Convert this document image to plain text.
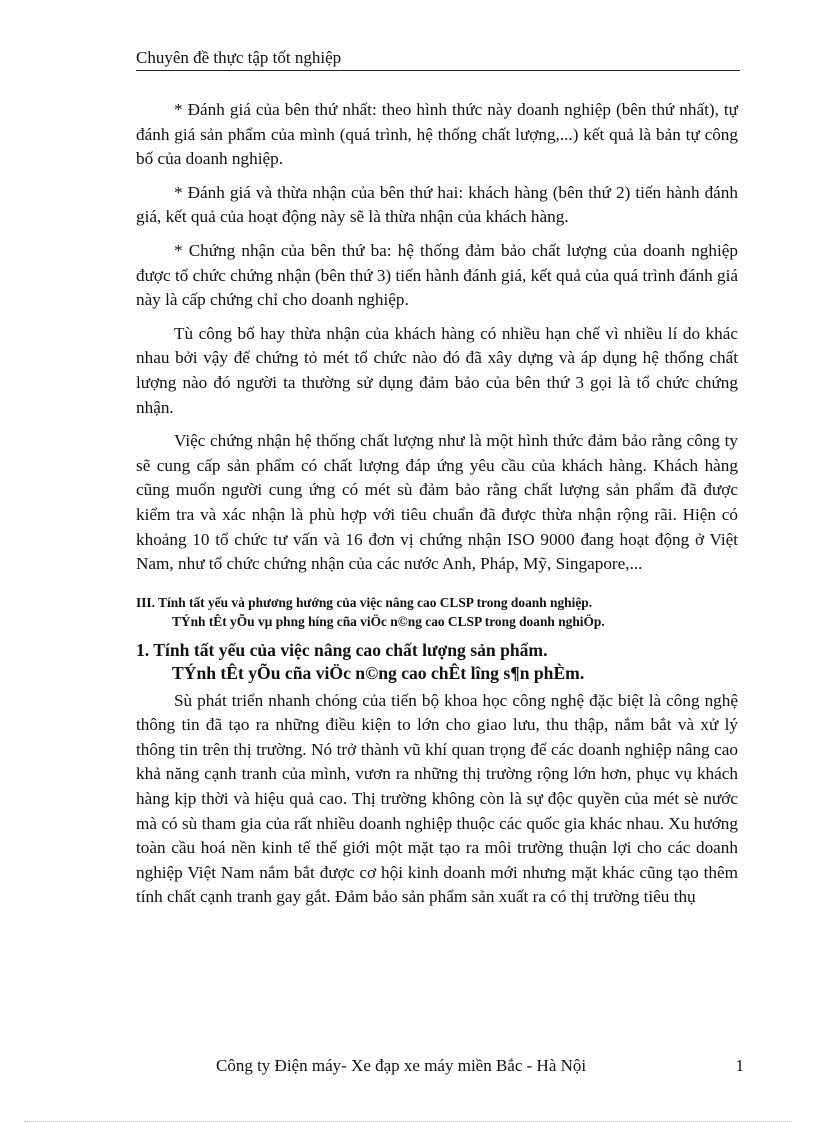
Chuyên đề thực tập tốt nghiệp

* Đánh giá của bên thứ nhất: theo hình thức này doanh nghiệp (bên thứ nhất), tự đánh giá sản phẩm của mình (quá trình, hệ thống chất lượng,...) kết quả là bản tự công bố của doanh nghiệp.

* Đánh giá và thừa nhận của bên thứ hai: khách hàng (bên thứ 2) tiến hành đánh giá, kết quả của hoạt động này sẽ là thừa nhận của khách hàng.

* Chứng nhận của bên thứ ba: hệ thống đảm bảo chất lượng của doanh nghiệp được tổ chức chứng nhận (bên thứ 3) tiến hành đánh giá, kết quả của quá trình đánh giá này là cấp chứng chỉ cho doanh nghiệp.

Tù công bố hay thừa nhận của khách hàng có nhiều hạn chế vì nhiều lí do khác nhau bởi vậy để chứng tỏ mét tổ chức nào đó đã xây dựng và áp dụng hệ thống chất lượng nào đó người ta thường sử dụng đảm bảo của bên thứ 3 gọi là tổ chức chứng nhận.

Việc chứng nhận hệ thống chất lượng như là một hình thức đảm bảo rằng công ty sẽ cung cấp sản phẩm có chất lượng đáp ứng yêu cầu của khách hàng. Khách hàng cũng muốn người cung ứng có mét sù đảm bảo rằng chất lượng sản phẩm đã được kiểm tra và xác nhận là phù hợp với tiêu chuẩn đã được thừa nhận rộng rãi. Hiện có khoảng 10 tổ chức tư vấn và 16 đơn vị chứng nhận ISO 9000 đang hoạt động ở Việt Nam, như tổ chức chứng nhận của các nước Anh, Pháp, Mỹ, Singapore,...

III. Tính tất yếu và phương hướng của việc nâng cao CLSP trong doanh nghiệp.
TÝnh tÊt yÕu vµ phng híng cña viÖc n©ng cao CLSP trong doanh nghiÖp.
1. Tính tất yếu của việc nâng cao chất lượng sản phẩm.
TÝnh tÊt yÕu cña viÖc n©ng cao chÊt lîng s¶n phÈm.

Sù phát triển nhanh chóng của tiến bộ khoa học công nghệ đặc biệt là công nghệ thông tin đã tạo ra những điều kiện to lớn cho giao lưu, thu thập, nắm bắt và xử lý thông tin trên thị trường. Nó trở thành vũ khí quan trọng để các doanh nghiệp nâng cao khả năng cạnh tranh của mình, vươn ra những thị trường rộng lớn hơn, phục vụ khách hàng kịp thời và hiệu quả cao. Thị trường không còn là sự độc quyền của mét sè nước mà có sù tham gia của rất nhiều doanh nghiệp thuộc các quốc gia khác nhau. Xu hướng toàn cầu hoá nền kinh tế thế giới một mặt tạo ra môi trường thuận lợi cho các doanh nghiệp Việt Nam nắm bắt được cơ hội kinh doanh mới nhưng mặt khác cũng tạo thêm tính chất cạnh tranh gay gắt. Đảm bảo sản phẩm sản xuất ra có thị trường tiêu thụ

Công ty Điện máy- Xe đạp xe máy miền Bắc - Hà Nội	1
